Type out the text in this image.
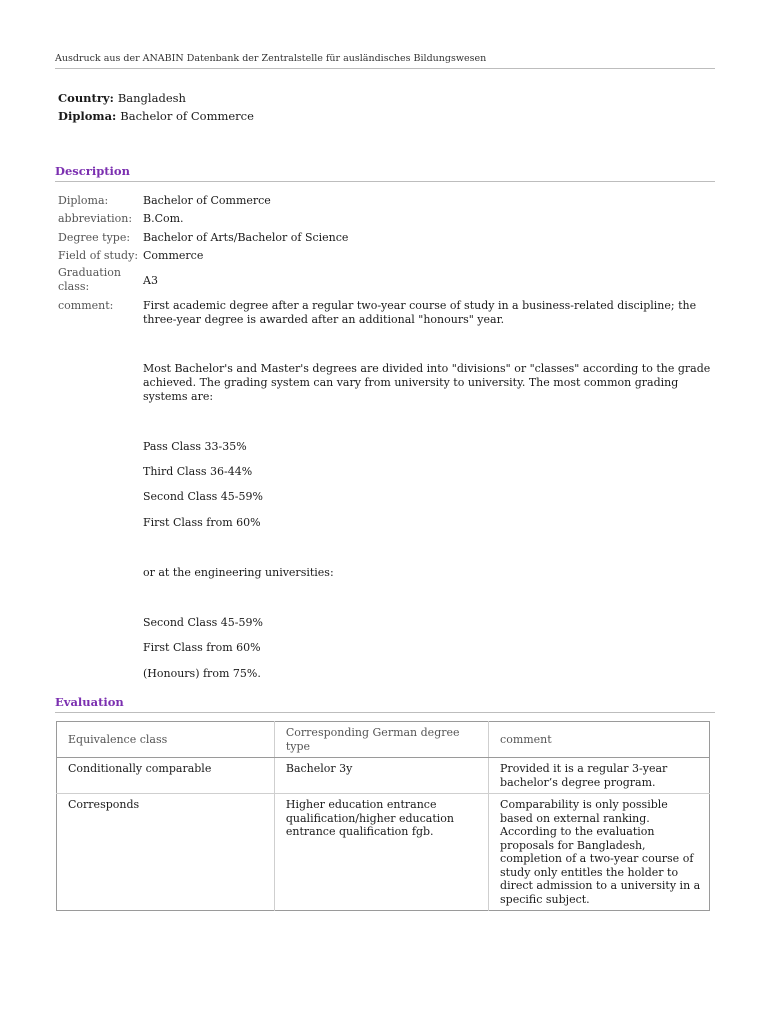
Ausdruck aus der ANABIN Datenbank der Zentralstelle für ausländisches Bildungswesen
Country: Bangladesh
Diploma: Bachelor of Commerce
Description
Diploma:	Bachelor of Commerce
abbreviation: B.Com.
Degree type:	Bachelor of Arts/Bachelor of Science
Field of study: Commerce
Graduation class:	A3
comment:	First academic degree after a regular two-year course of study in a business-related discipline; the three-year degree is awarded after an additional "honours" year.
Most Bachelor's and Master's degrees are divided into "divisions" or "classes" according to the grade achieved. The grading system can vary from university to university. The most common grading systems are:
Pass Class 33-35%
Third Class 36-44%
Second Class 45-59%
First Class from 60%
or at the engineering universities:
Second Class 45-59%
First Class from 60%
(Honours) from 75%.
Evaluation
Equivalence class	Corresponding German degree type	comment
Conditionally comparable	Bachelor 3y	Provided it is a regular 3-year bachelor’s degree program.
Corresponds	Higher education entrance qualification/higher education entrance qualification fgb.	Comparability is only possible based on external ranking. According to the evaluation proposals for Bangladesh, completion of a two-year course of study only entitles the holder to direct admission to a university in a specific subject.
